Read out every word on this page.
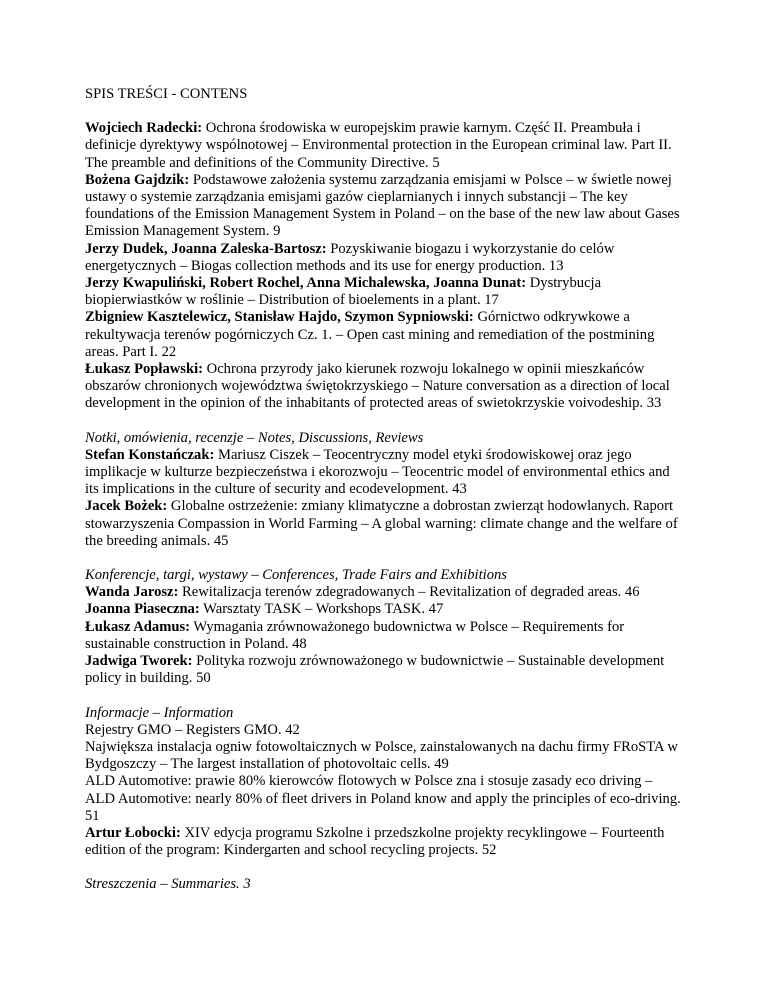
SPIS TREŚCI - CONTENS

Wojciech Radecki: Ochrona środowiska w europejskim prawie karnym. Część II. Preambuła i definicje dyrektywy wspólnotowej – Environmental protection in the European criminal law. Part II. The preamble and definitions of the Community Directive. 5

Bożena Gajdzik: Podstawowe założenia systemu zarządzania emisjami w Polsce – w świetle nowej ustawy o systemie zarządzania emisjami gazów cieplarnianych i innych substancji – The key foundations of the Emission Management System in Poland – on the base of the new law about Gases Emission Management System. 9

Jerzy Dudek, Joanna Zaleska-Bartosz: Pozyskiwanie biogazu i wykorzystanie do celów energetycznych – Biogas collection methods and its use for energy production. 13

Jerzy Kwapuliński, Robert Rochel, Anna Michalewska, Joanna Dunat: Dystrybucja biopierwiastków w roślinie – Distribution of bioelements in a plant. 17

Zbigniew Kasztelewicz, Stanisław Hajdo, Szymon Sypniowski: Górnictwo odkrywkowe a rekultywacja terenów pogórniczych Cz. 1. – Open cast mining and remediation of the postmining areas. Part I. 22

Łukasz Popławski: Ochrona przyrody jako kierunek rozwoju lokalnego w opinii mieszkańców obszarów chronionych województwa świętokrzyskiego – Nature conversation as a direction of local development in the opinion of the inhabitants of protected areas of swietokrzyskie voivodeship. 33

Notki, omówienia, recenzje – Notes, Discussions, Reviews

Stefan Konstańczak: Mariusz Ciszek – Teocentryczny model etyki środowiskowej oraz jego implikacje w kulturze bezpieczeństwa i ekorozwoju – Teocentric model of environmental ethics and its implications in the culture of security and ecodevelopment. 43

Jacek Bożek: Globalne ostrzeżenie: zmiany klimatyczne a dobrostan zwierząt hodowlanych. Raport stowarzyszenia Compassion in World Farming – A global warning: climate change and the welfare of the breeding animals. 45

Konferencje, targi, wystawy – Conferences, Trade Fairs and Exhibitions

Wanda Jarosz: Rewitalizacja terenów zdegradowanych – Revitalization of degraded areas. 46

Joanna Piaseczna: Warsztaty TASK – Workshops TASK. 47

Łukasz Adamus: Wymagania zrównoważonego budownictwa w Polsce – Requirements for sustainable construction in Poland. 48

Jadwiga Tworek: Polityka rozwoju zrównoważonego w budownictwie – Sustainable development policy in building. 50

Informacje – Information

Rejestry GMO – Registers GMO. 42

Największa instalacja ogniw fotowoltaicznych w Polsce, zainstalowanych na dachu firmy FRoSTA w Bydgoszczy – The largest installation of photovoltaic cells. 49

ALD Automotive: prawie 80% kierowców flotowych w Polsce zna i stosuje zasady eco driving – ALD Automotive: nearly 80% of fleet drivers in Poland know and apply the principles of eco-driving. 51

Artur Łobocki: XIV edycja programu Szkolne i przedszkolne projekty recyklingowe – Fourteenth edition of the program: Kindergarten and school recycling projects. 52

Streszczenia – Summaries. 3
